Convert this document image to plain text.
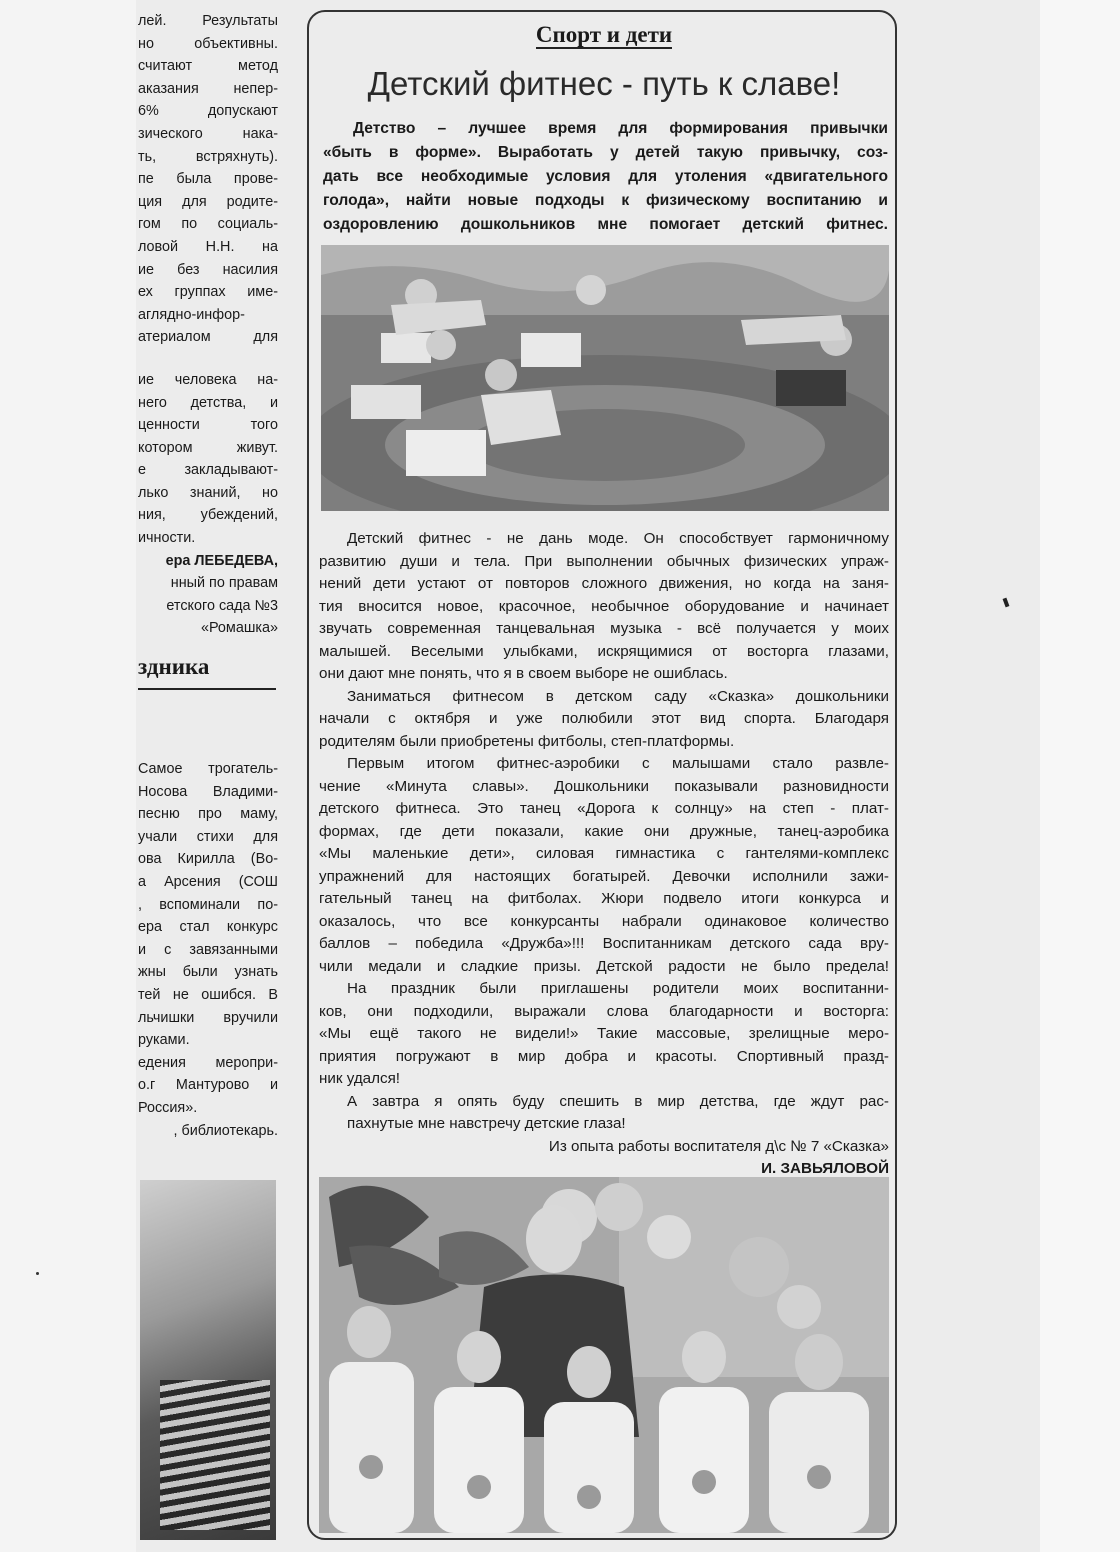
лей. Результаты
но объективны.
считают метод
аказания непер-
6% допускают
зического нака-
ть, встряхнуть).
пе была прове-
ция для родите-
гом по социаль-
ловой Н.Н. на
ие без насилия
ех группах име-
аглядно-инфор-
атериалом для
ие человека на-
него детства, и
ценности того
котором живут.
е закладывают-
лько знаний, но
ния, убеждений,
ичности.
ера ЛЕБЕДЕВА,
нный по правам
етского сада №3
«Ромашка»
здника
Самое трогатель-
Носова Владими-
песню про маму,
учали стихи для
ова Кирилла (Во-
а Арсения (СОШ
, вспоминали по-
ера стал конкурс
и с завязанными
жны были узнать
тей не ошибся. В
льчишки вручили
руками.
едения меропри-
о.г Мантурово и
Россия».
, библиотекарь.
Спорт и дети
Детский фитнес - путь к славе!
Детство – лучшее время для формирования привычки
«быть в форме». Выработать у детей такую привычку, соз-
дать все необходимые условия для утоления «двигательного
голода», найти новые подходы к физическому воспитанию и
оздоровлению дошкольников мне помогает детский фитнес.
Детский фитнес - не дань моде. Он способствует гармоничному
развитию души и тела. При выполнении обычных физических упраж-
нений дети устают от повторов сложного движения, но когда на заня-
тия вносится новое, красочное, необычное оборудование и начинает
звучать современная танцевальная музыка - всё получается у моих
малышей. Веселыми улыбками, искрящимися от восторга глазами,
они дают мне понять, что я в своем выборе не ошиблась.
Заниматься фитнесом в детском саду «Сказка» дошкольники
начали с октября и уже полюбили этот вид спорта. Благодаря
родителям были приобретены фитболы, степ-платформы.
Первым итогом фитнес-аэробики с малышами стало развле-
чение «Минута славы». Дошкольники показывали разновидности
детского фитнеса. Это танец «Дорога к солнцу» на степ - плат-
формах, где дети показали, какие они дружные, танец-аэробика
«Мы маленькие дети», силовая гимнастика с гантелями-комплекс
упражнений для настоящих богатырей. Девочки исполнили зажи-
гательный танец на фитболах. Жюри подвело итоги конкурса и
оказалось, что все конкурсанты набрали одинаковое количество
баллов – победила «Дружба»!!! Воспитанникам детского сада вру-
чили медали и сладкие призы. Детской радости не было предела!
На праздник были приглашены родители моих воспитанни-
ков, они подходили, выражали слова благодарности и восторга:
«Мы ещё такого не видели!» Такие массовые, зрелищные меро-
приятия погружают в мир добра и красоты. Спортивный празд-
ник удался!
А завтра я опять буду спешить в мир детства, где ждут рас-
пахнутые мне навстречу детские глаза!
Из опыта работы воспитателя д\с № 7 «Сказка»
И. ЗАВЬЯЛОВОЙ
